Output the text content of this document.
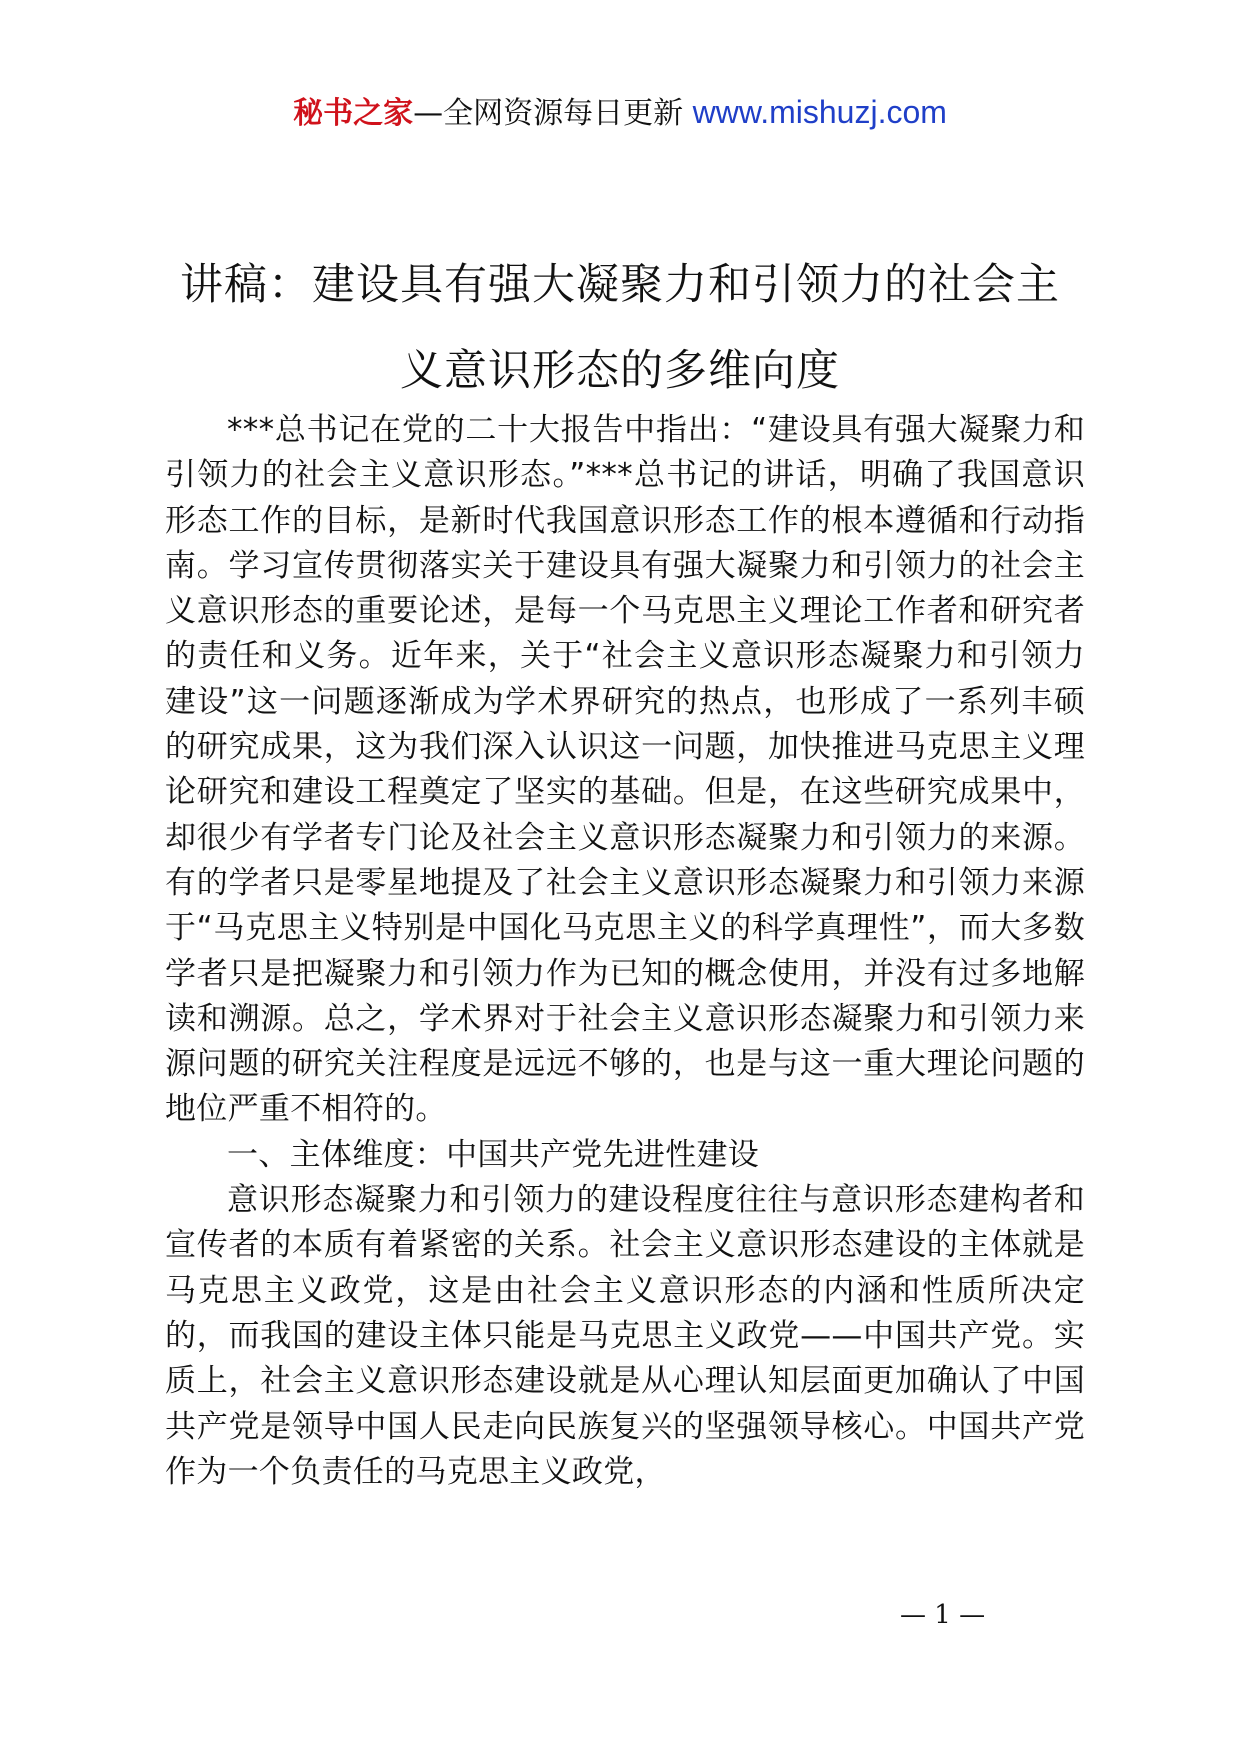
秘书之家—全网资源每日更新 www.mishuzj.com
讲稿：建设具有强大凝聚力和引领力的社会主义意识形态的多维向度

***总书记在党的二十大报告中指出：“建设具有强大凝聚力和引领力的社会主义意识形态。”***总书记的讲话，明确了我国意识形态工作的目标，是新时代我国意识形态工作的根本遵循和行动指南。学习宣传贯彻落实关于建设具有强大凝聚力和引领力的社会主义意识形态的重要论述，是每一个马克思主义理论工作者和研究者的责任和义务。近年来，关于“社会主义意识形态凝聚力和引领力建设”这一问题逐渐成为学术界研究的热点，也形成了一系列丰硕的研究成果，这为我们深入认识这一问题，加快推进马克思主义理论研究和建设工程奠定了坚实的基础。但是，在这些研究成果中，却很少有学者专门论及社会主义意识形态凝聚力和引领力的来源。有的学者只是零星地提及了社会主义意识形态凝聚力和引领力来源于“马克思主义特别是中国化马克思主义的科学真理性”，而大多数学者只是把凝聚力和引领力作为已知的概念使用，并没有过多地解读和溯源。总之，学术界对于社会主义意识形态凝聚力和引领力来源问题的研究关注程度是远远不够的，也是与这一重大理论问题的地位严重不相符的。

一、主体维度：中国共产党先进性建设

意识形态凝聚力和引领力的建设程度往往与意识形态建构者和宣传者的本质有着紧密的关系。社会主义意识形态建设的主体就是马克思主义政党，这是由社会主义意识形态的内涵和性质所决定的，而我国的建设主体只能是马克思主义政党——中国共产党。实质上，社会主义意识形态建设就是从心理认知层面更加确认了中国共产党是领导中国人民走向民族复兴的坚强领导核心。中国共产党作为一个负责任的马克思主义政党，

— 1 —
